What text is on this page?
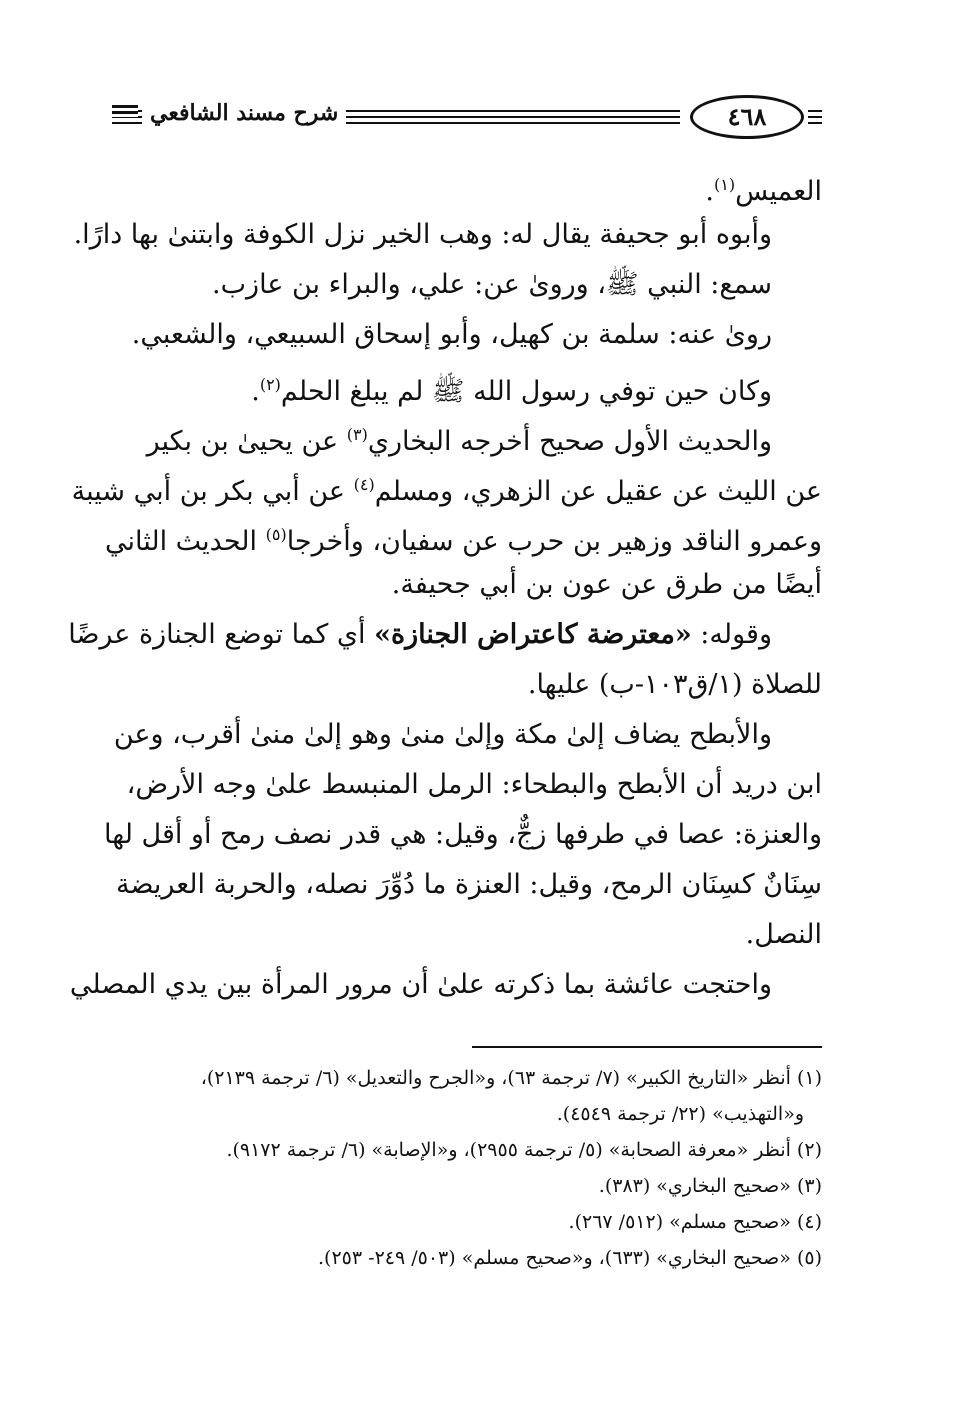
شرح مسند الشافعي	٤٦٨
العميس$^{(١)}$.
وأبوه أبو جحيفة يقال له: وهب الخير نزل الكوفة وابتنىٰ بها دارًا.
سمع: النبي ﷺ، وروىٰ عن: علي، والبراء بن عازب.
روىٰ عنه: سلمة بن كهيل، وأبو إسحاق السبيعي، والشعبي.
وكان حين توفي رسول الله ﷺ لم يبلغ الحلم$^{(٢)}$.
والحديث الأول صحيح أخرجه البخاري$^{(٣)}$ عن يحيىٰ بن بكير
عن الليث عن عقيل عن الزهري، ومسلم$^{(٤)}$ عن أبي بكر بن أبي شيبة
وعمرو الناقد وزهير بن حرب عن سفيان، وأخرجا$^{(٥)}$ الحديث الثاني
أيضًا من طرق عن عون بن أبي جحيفة.
وقوله: «معترضة كاعتراض الجنازة» أي كما توضع الجنازة عرضًا
للصلاة (١/ق١٠٣-ب) عليها.
والأبطح يضاف إلىٰ مكة وإلىٰ منىٰ وهو إلىٰ منىٰ أقرب، وعن
ابن دريد أن الأبطح والبطحاء: الرمل المنبسط علىٰ وجه الأرض،
والعنزة: عصا في طرفها زجٌّ، وقيل: هي قدر نصف رمح أو أقل لها
سِنَانٌ كسِنَان الرمح، وقيل: العنزة ما دُوِّرَ نصله، والحربة العريضة
النصل.
واحتجت عائشة بما ذكرته علىٰ أن مرور المرأة بين يدي المصلي
(١) أنظر «التاريخ الكبير» (٧/ ترجمة ٦٣)، و«الجرح والتعديل» (٦/ ترجمة ٢١٣٩)،
و«التهذيب» (٢٢/ ترجمة ٤٥٤٩).
(٢) أنظر «معرفة الصحابة» (٥/ ترجمة ٢٩٥٥)، و«الإصابة» (٦/ ترجمة ٩١٧٢).
(٣) «صحيح البخاري» (٣٨٣).
(٤) «صحيح مسلم» (٥١٢/ ٢٦٧).
(٥) «صحيح البخاري» (٦٣٣)، و«صحيح مسلم» (٥٠٣/ ٢٤٩- ٢٥٣).
